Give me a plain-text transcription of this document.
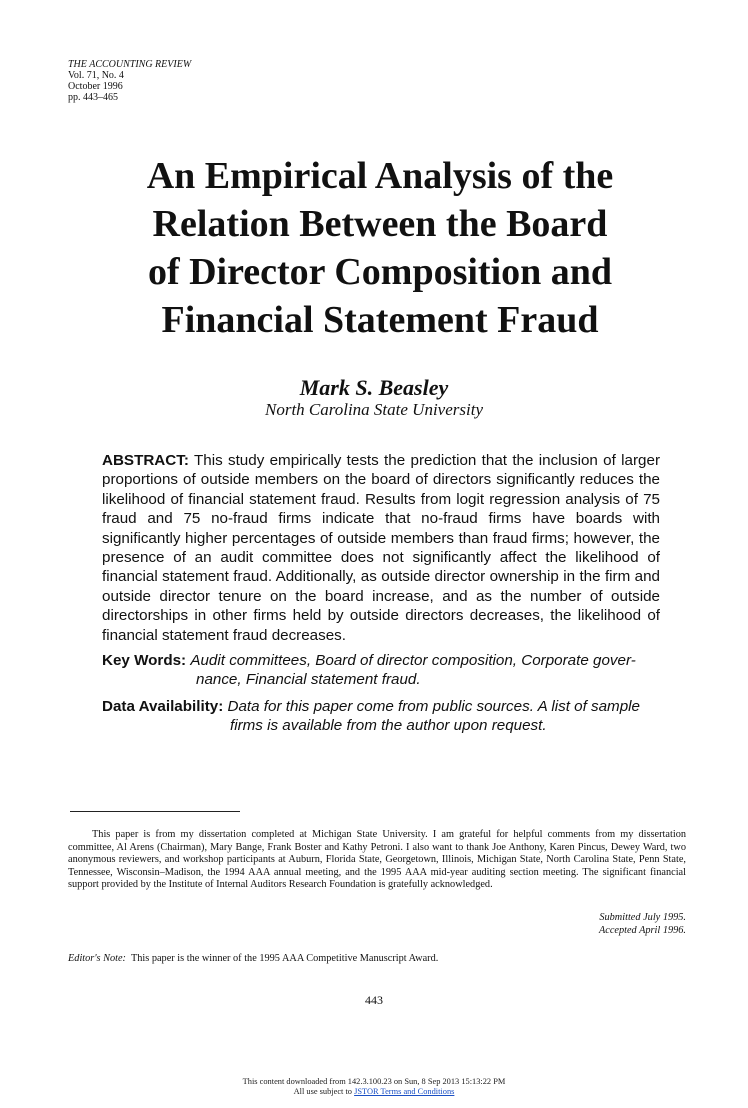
THE ACCOUNTING REVIEW
Vol. 71, No. 4
October 1996
pp. 443–465
An Empirical Analysis of the
Relation Between the Board
of Director Composition and
Financial Statement Fraud
Mark S. Beasley
North Carolina State University

ABSTRACT: This study empirically tests the prediction that the inclusion of larger proportions of outside members on the board of directors significantly reduces the likelihood of financial statement fraud. Results from logit regression analysis of 75 fraud and 75 no-fraud firms indicate that no-fraud firms have boards with significantly higher percentages of outside members than fraud firms; however, the presence of an audit committee does not significantly affect the likelihood of financial statement fraud. Additionally, as outside director ownership in the firm and outside director tenure on the board increase, and as the number of outside directorships in other firms held by outside directors decreases, the likelihood of financial statement fraud decreases.

Key Words: Audit committees, Board of director composition, Corporate gover-
nance, Financial statement fraud.

Data Availability: Data for this paper come from public sources. A list of sample
firms is available from the author upon request.

This paper is from my dissertation completed at Michigan State University. I am grateful for helpful comments from my dissertation committee, Al Arens (Chairman), Mary Bange, Frank Boster and Kathy Petroni. I also want to thank Joe Anthony, Karen Pincus, Dewey Ward, two anonymous reviewers, and workshop participants at Auburn, Florida State, Georgetown, Illinois, Michigan State, North Carolina State, Penn State, Tennessee, Wisconsin–Madison, the 1994 AAA annual meeting, and the 1995 AAA mid-year auditing section meeting. The significant financial support provided by the Institute of Internal Auditors Research Foundation is gratefully acknowledged.

Submitted July 1995.
Accepted April 1996.
Editor's Note: This paper is the winner of the 1995 AAA Competitive Manuscript Award.
443
This content downloaded from 142.3.100.23 on Sun, 8 Sep 2013 15:13:22 PM
All use subject to JSTOR Terms and Conditions
